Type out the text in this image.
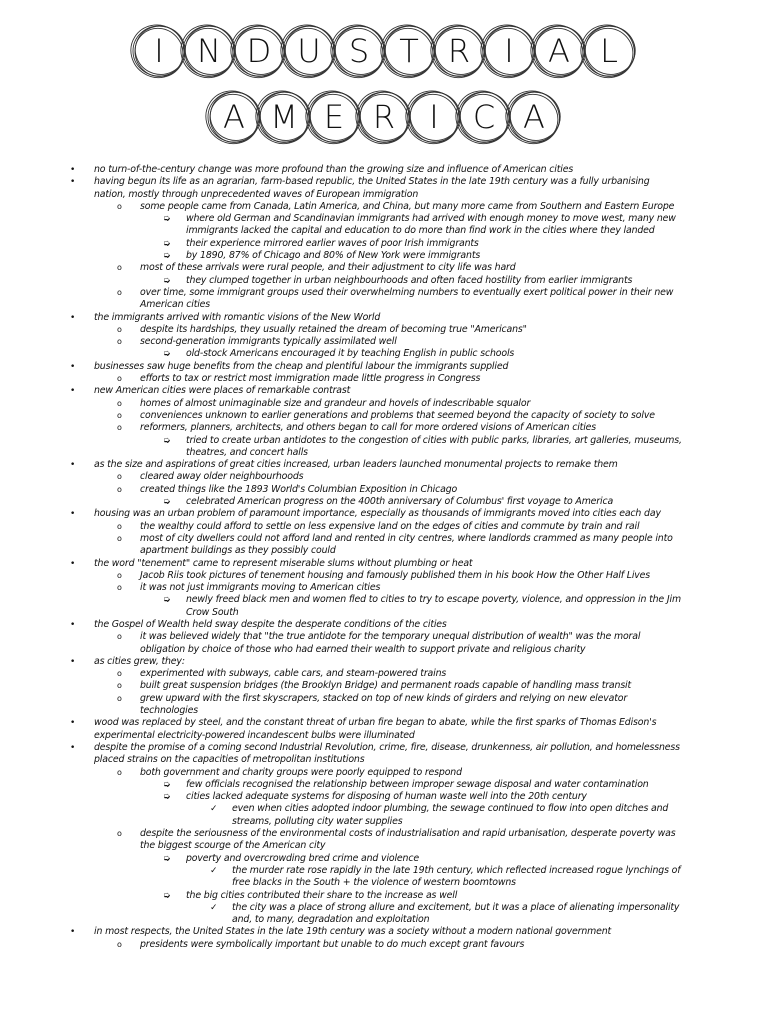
I	N D U S T R	I	A L
A M E R	I	C A
• no turn-of-the-century change was more profound than the growing size and influence of American cities
• having begun its life as an agrarian, farm-based republic, the United States in the late 19th century was a fully urbanising
nation, mostly through unprecedented waves of European immigration
o some people came from Canada, Latin America, and China, but many more came from Southern and Eastern Europe
➭ where old German and Scandinavian immigrants had arrived with enough money to move west, many new
immigrants lacked the capital and education to do more than find work in the cities where they landed
➭ their experience mirrored earlier waves of poor Irish immigrants
➭ by 1890, 87% of Chicago and 80% of New York were immigrants
o most of these arrivals were rural people, and their adjustment to city life was hard
➭ they clumped together in urban neighbourhoods and often faced hostility from earlier immigrants
o over time, some immigrant groups used their overwhelming numbers to eventually exert political power in their new
American cities
• the immigrants arrived with romantic visions of the New World
o despite its hardships, they usually retained the dream of becoming true "Americans"
o second-generation immigrants typically assimilated well
➭ old-stock Americans encouraged it by teaching English in public schools
• businesses saw huge benefits from the cheap and plentiful labour the immigrants supplied
o efforts to tax or restrict most immigration made little progress in Congress
• new American cities were places of remarkable contrast
o homes of almost unimaginable size and grandeur and hovels of indescribable squalor
o conveniences unknown to earlier generations and problems that seemed beyond the capacity of society to solve
o reformers, planners, architects, and others began to call for more ordered visions of American cities
➭ tried to create urban antidotes to the congestion of cities with public parks, libraries, art galleries, museums,
theatres, and concert halls
• as the size and aspirations of great cities increased, urban leaders launched monumental projects to remake them
o cleared away older neighbourhoods
o created things like the 1893 World's Columbian Exposition in Chicago
➭ celebrated American progress on the 400th anniversary of Columbus' first voyage to America
• housing was an urban problem of paramount importance, especially as thousands of immigrants moved into cities each day
o the wealthy could afford to settle on less expensive land on the edges of cities and commute by train and rail
o most of city dwellers could not afford land and rented in city centres, where landlords crammed as many people into
apartment buildings as they possibly could
• the word "tenement" came to represent miserable slums without plumbing or heat
o Jacob Riis took pictures of tenement housing and famously published them in his book How the Other Half Lives
o it was not just immigrants moving to American cities
➭ newly freed black men and women fled to cities to try to escape poverty, violence, and oppression in the Jim
Crow South
• the Gospel of Wealth held sway despite the desperate conditions of the cities
o it was believed widely that "the true antidote for the temporary unequal distribution of wealth" was the moral
obligation by choice of those who had earned their wealth to support private and religious charity
• as cities grew, they:
o experimented with subways, cable cars, and steam-powered trains
o built great suspension bridges (the Brooklyn Bridge) and permanent roads capable of handling mass transit
o grew upward with the first skyscrapers, stacked on top of new kinds of girders and relying on new elevator
technologies
• wood was replaced by steel, and the constant threat of urban fire began to abate, while the first sparks of Thomas Edison's
experimental electricity-powered incandescent bulbs were illuminated
• despite the promise of a coming second Industrial Revolution, crime, fire, disease, drunkenness, air pollution, and homelessness
placed strains on the capacities of metropolitan institutions
o both government and charity groups were poorly equipped to respond
➭ few officials recognised the relationship between improper sewage disposal and water contamination
➭ cities lacked adequate systems for disposing of human waste well into the 20th century
✓ even when cities adopted indoor plumbing, the sewage continued to flow into open ditches and
streams, polluting city water supplies
o despite the seriousness of the environmental costs of industrialisation and rapid urbanisation, desperate poverty was
the biggest scourge of the American city
➭ poverty and overcrowding bred crime and violence
✓ the murder rate rose rapidly in the late 19th century, which reflected increased rogue lynchings of
free blacks in the South + the violence of western boomtowns
➭ the big cities contributed their share to the increase as well
✓ the city was a place of strong allure and excitement, but it was a place of alienating impersonality
and, to many, degradation and exploitation
• in most respects, the United States in the late 19th century was a society without a modern national government
o presidents were symbolically important but unable to do much except grant favours
